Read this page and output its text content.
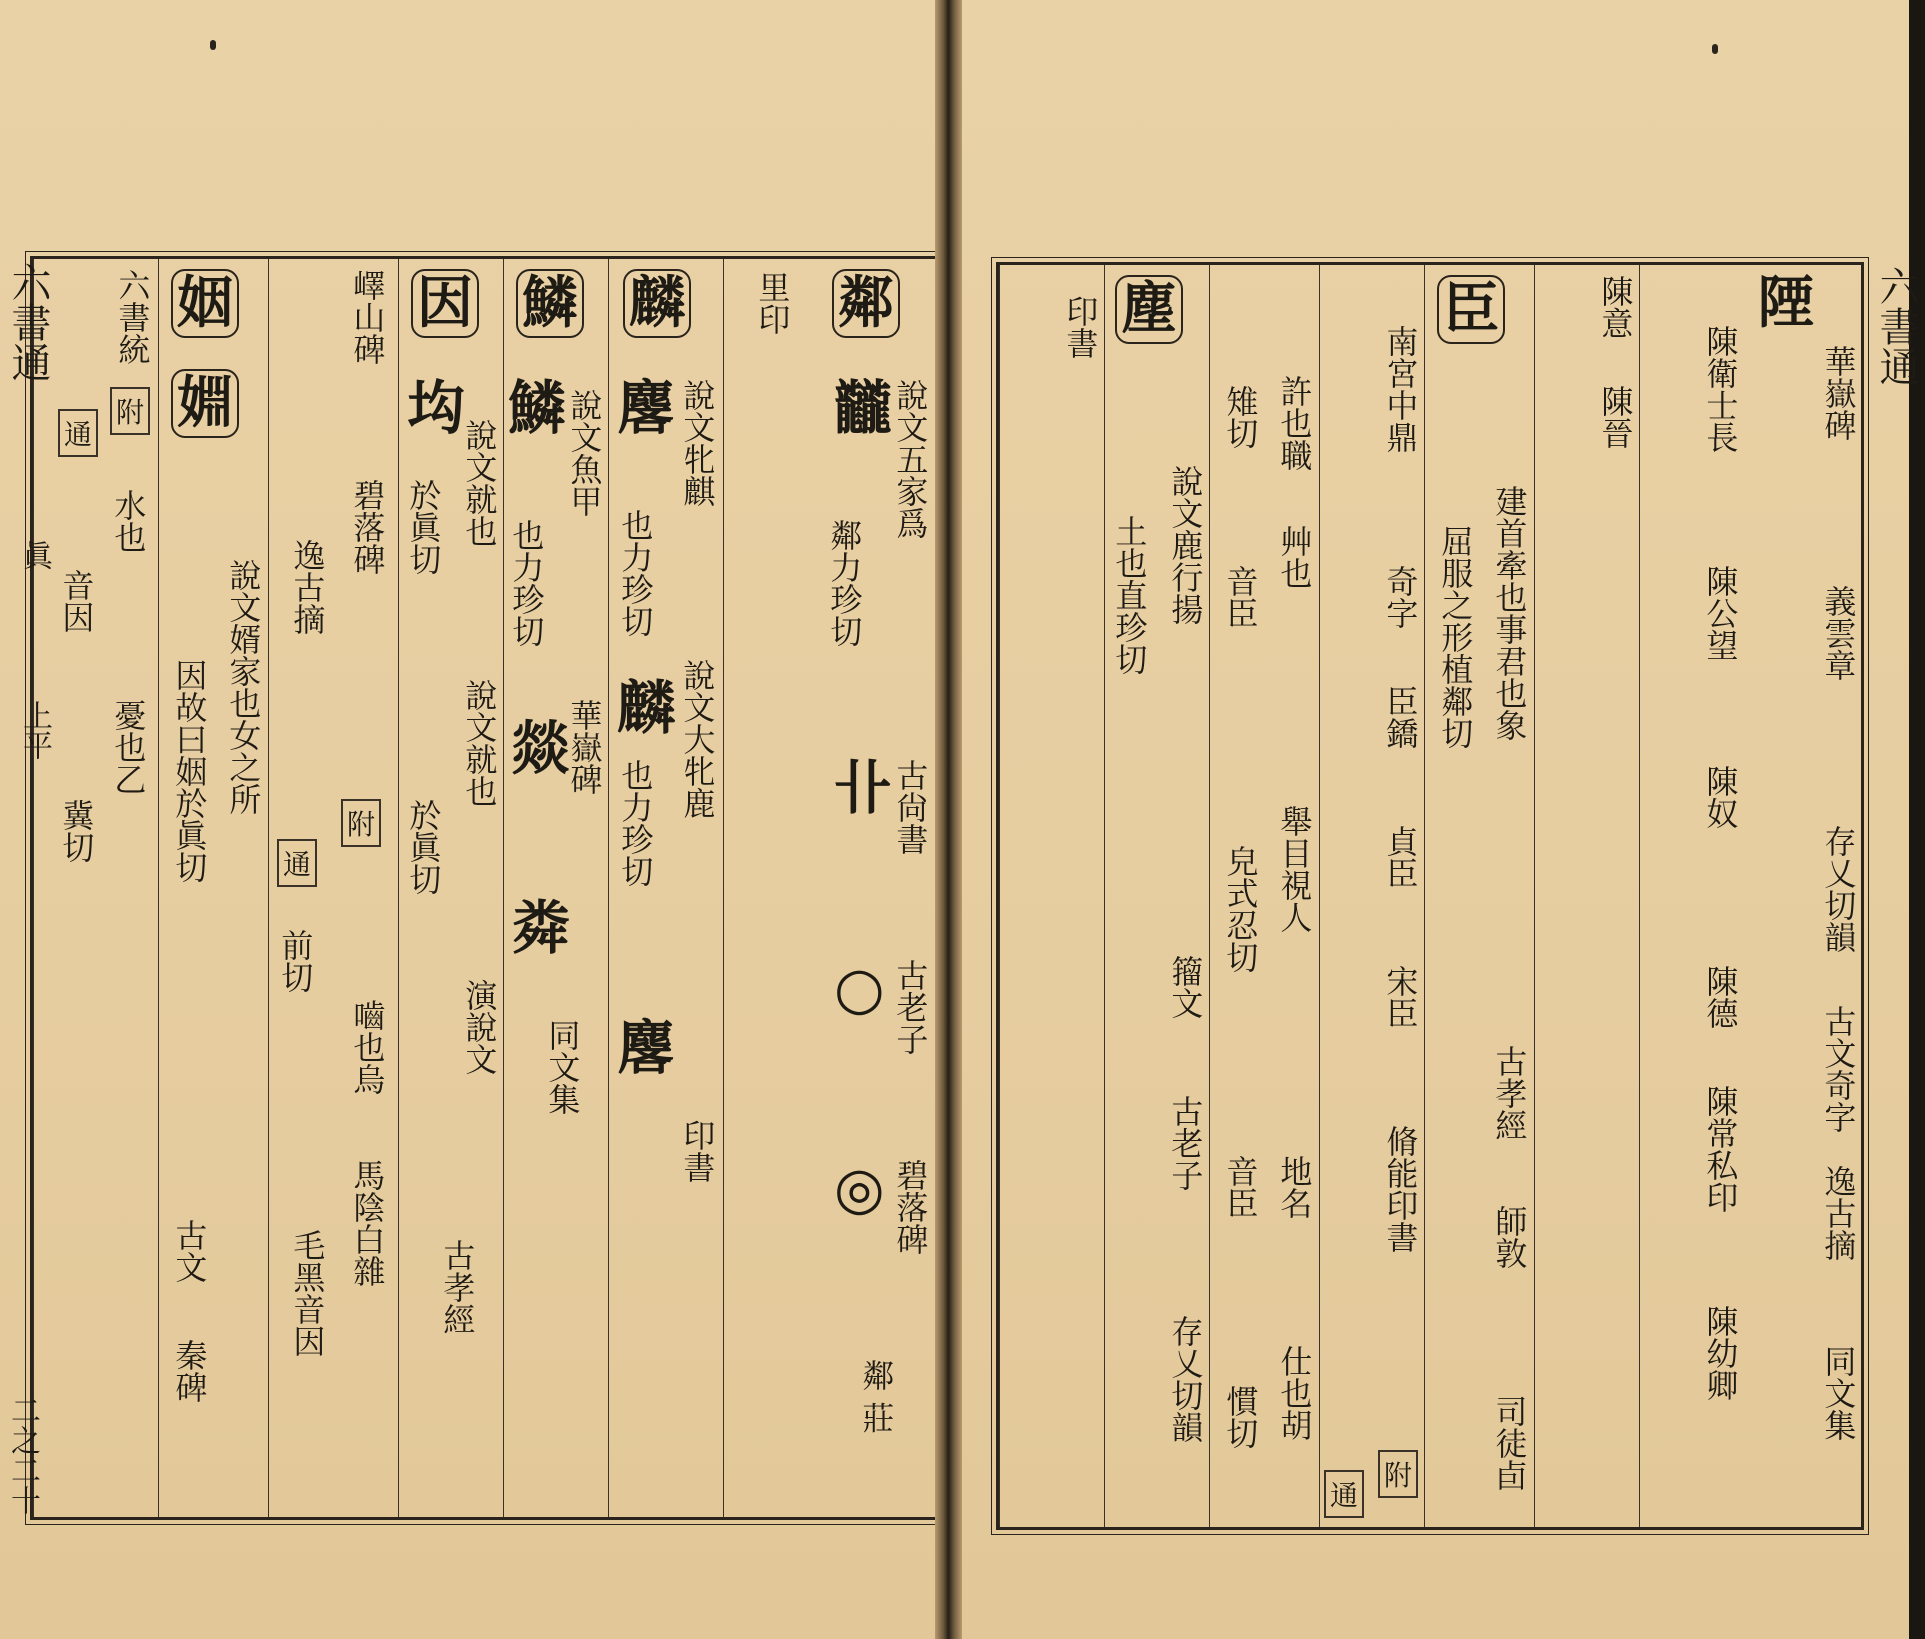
鄰
說文五家爲
鄰力珍切
龖
卝 古尙書
○ 古老子
◎ 碧落碑
鄰 莊
里印
麟
麐 說文牝麒
也力珍切
麟 說文大牝鹿
也力珍切
麐
印書
鱗
鱗 說文魚甲
也力珍切
燚
華嶽碑
粦
同文集
因
㘬
說文就也
於眞切
說文就也
於眞切
演說文
古孝經
嶧山碑
碧落碑
逸古摘
附
通
前切
嚙也烏
馬陰白雜
毛黑音因
姻
婣
說文婿家也女之所
因故曰姻於眞切
古文
秦碑
六書統
附
通
水也
音因
憂也乙
冀切
六書通
二之二十
眞
上平
陻
華嶽碑
義雲章
存乂切韻
古文奇字
逸古摘
同文集
陳衛士長
陳公望
陳奴
陳德
陳常私印
陳幼卿
陳意
陳晉
臣
建首牽也事君也象
屈服之形植鄰切
古孝經
師敦
司徒卣
南宮中鼎
奇字
臣鐈
貞臣
宋臣
脩能印書
附
通
許也職
雉切
艸也
音臣
舉目視人
皃式忍切
地名
音臣
仕也胡
慣切
塵
說文鹿行揚
土也直珍切
籀文
古老子
存乂切韻
印書	六書通
